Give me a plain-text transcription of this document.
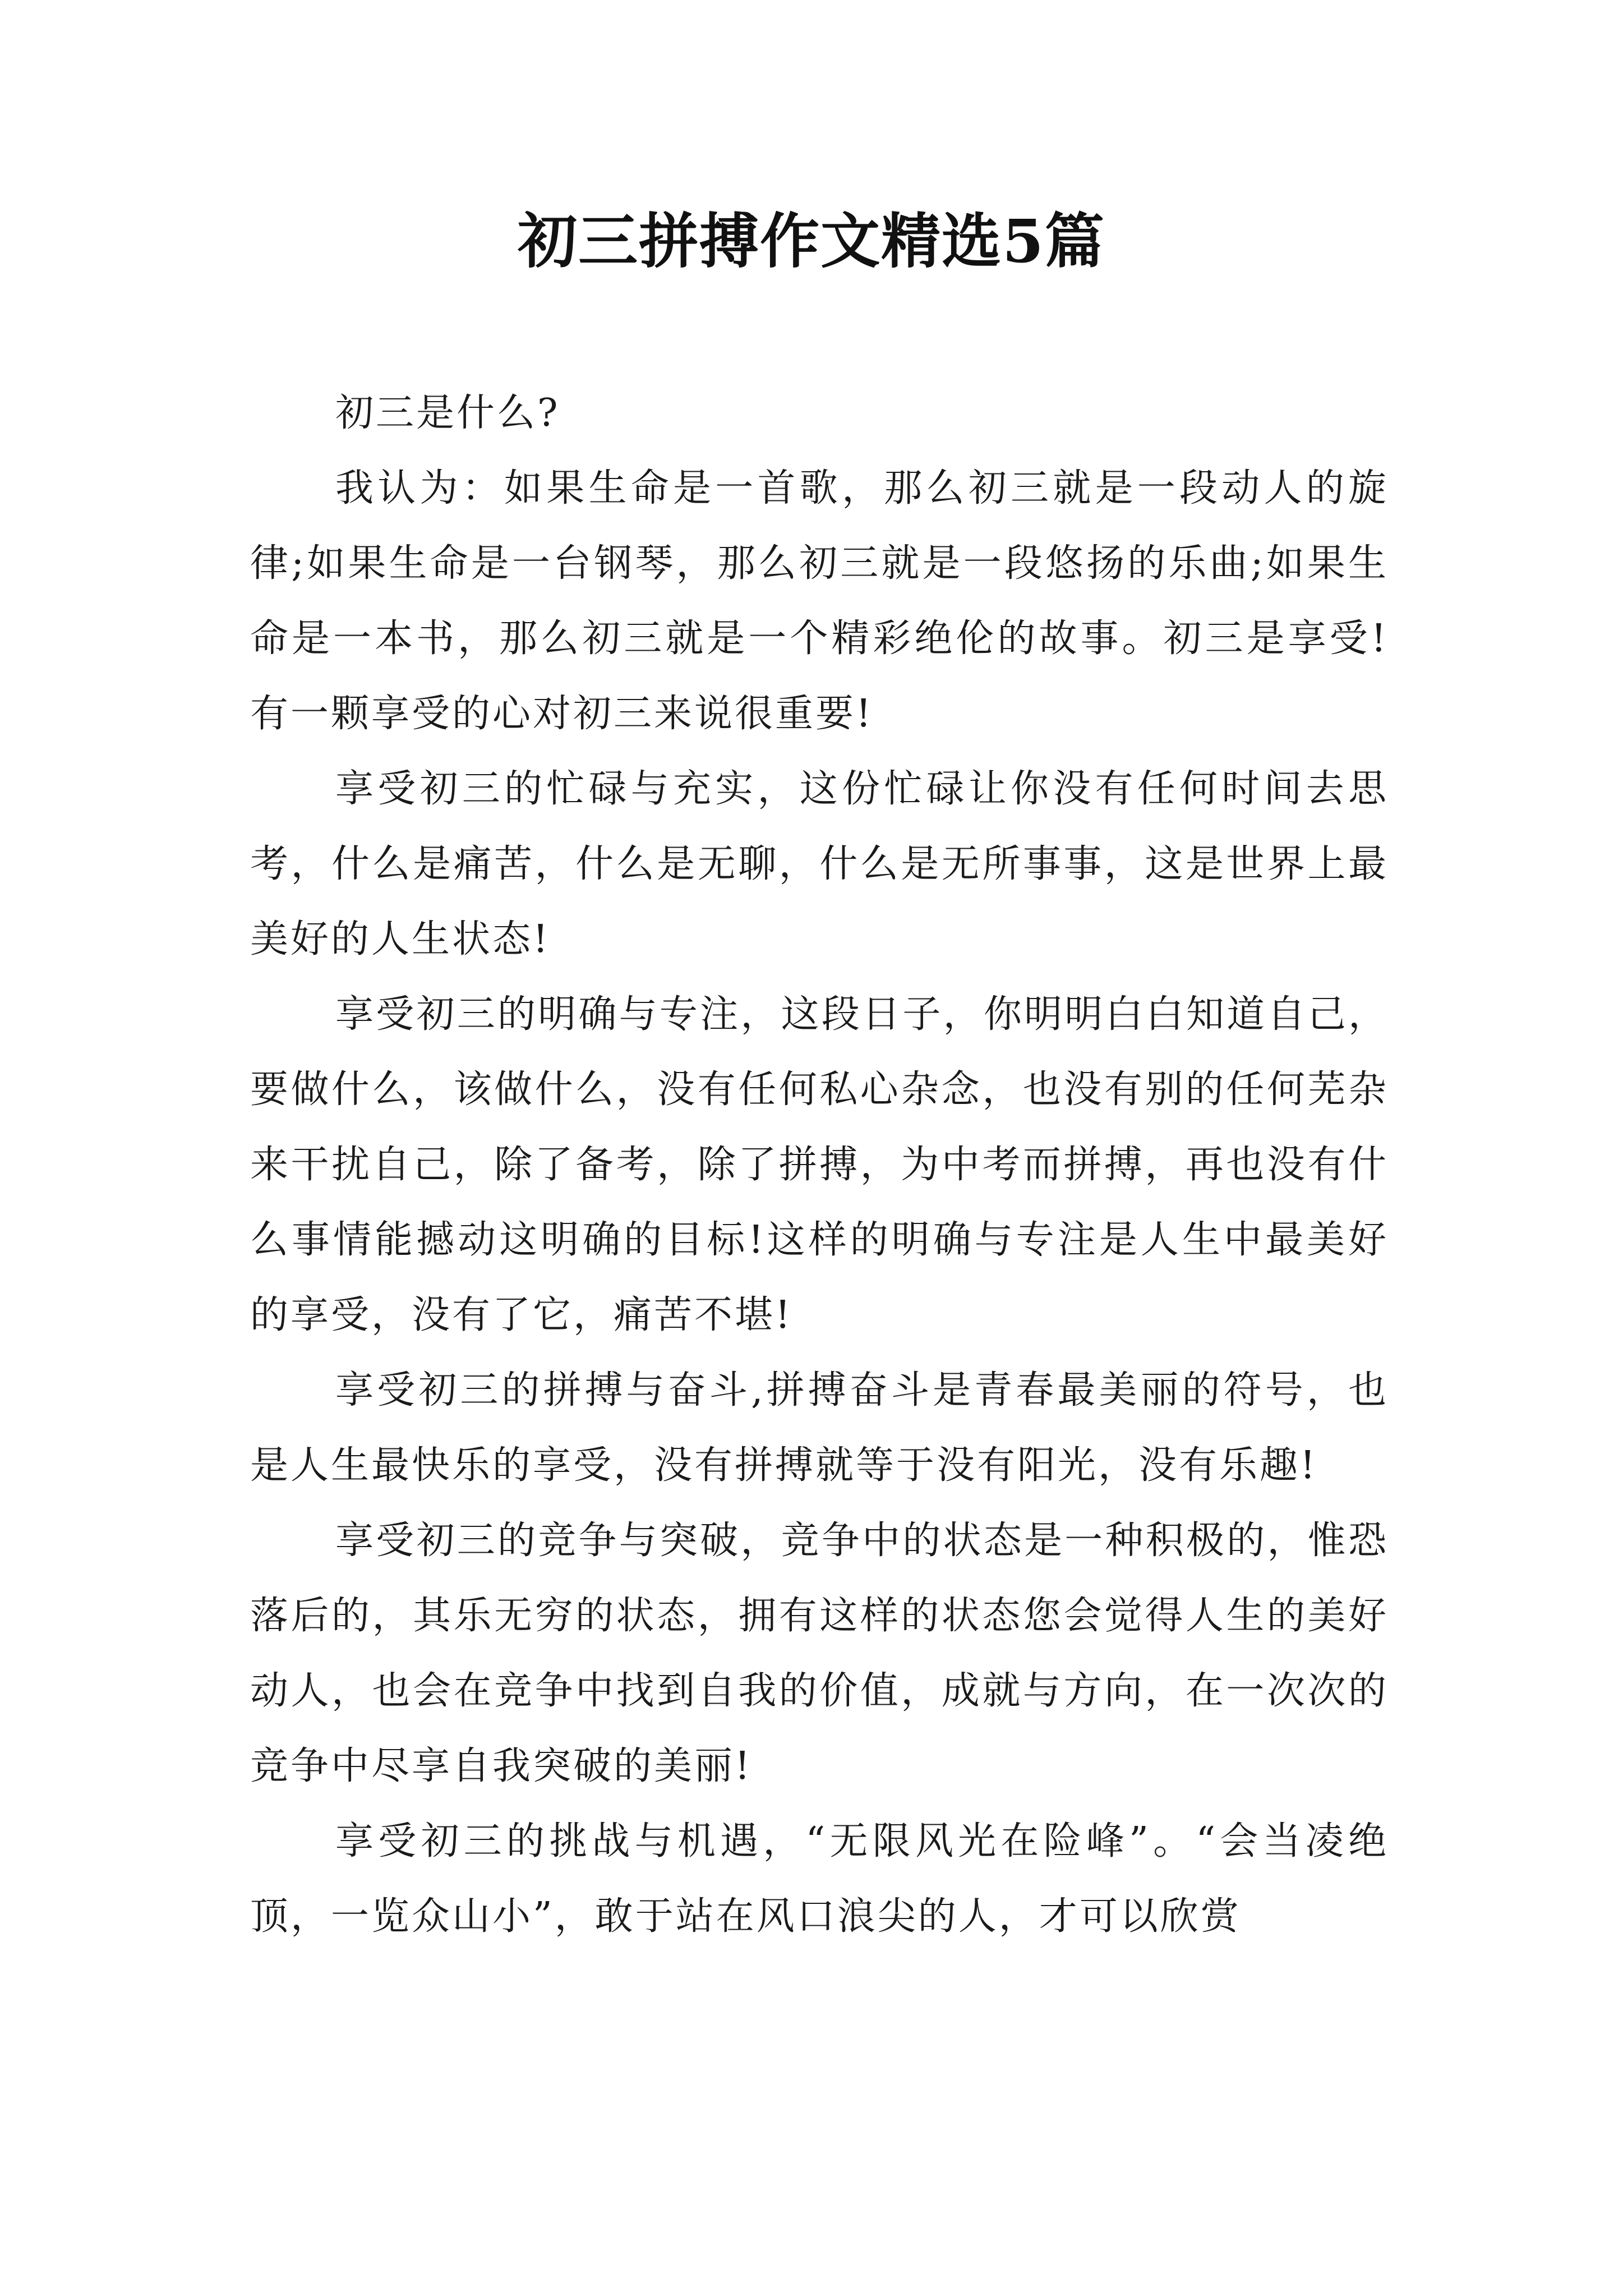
初三拼搏作文精选5篇

初三是什么?

我认为：如果生命是一首歌，那么初三就是一段动人的旋律;如果生命是一台钢琴，那么初三就是一段悠扬的乐曲;如果生命是一本书，那么初三就是一个精彩绝伦的故事。初三是享受!有一颗享受的心对初三来说很重要!

享受初三的忙碌与充实，这份忙碌让你没有任何时间去思考，什么是痛苦，什么是无聊，什么是无所事事，这是世界上最美好的人生状态!

享受初三的明确与专注，这段日子，你明明白白知道自己，要做什么，该做什么，没有任何私心杂念，也没有别的任何芜杂来干扰自己，除了备考，除了拼搏，为中考而拼搏，再也没有什么事情能撼动这明确的目标!这样的明确与专注是人生中最美好的享受，没有了它，痛苦不堪!

享受初三的拼搏与奋斗,拼搏奋斗是青春最美丽的符号，也是人生最快乐的享受，没有拼搏就等于没有阳光，没有乐趣!

享受初三的竞争与突破，竞争中的状态是一种积极的，惟恐落后的，其乐无穷的状态，拥有这样的状态您会觉得人生的美好动人，也会在竞争中找到自我的价值，成就与方向，在一次次的竞争中尽享自我突破的美丽!

享受初三的挑战与机遇，“无限风光在险峰”。“会当凌绝顶，一览众山小”，敢于站在风口浪尖的人，才可以欣赏
